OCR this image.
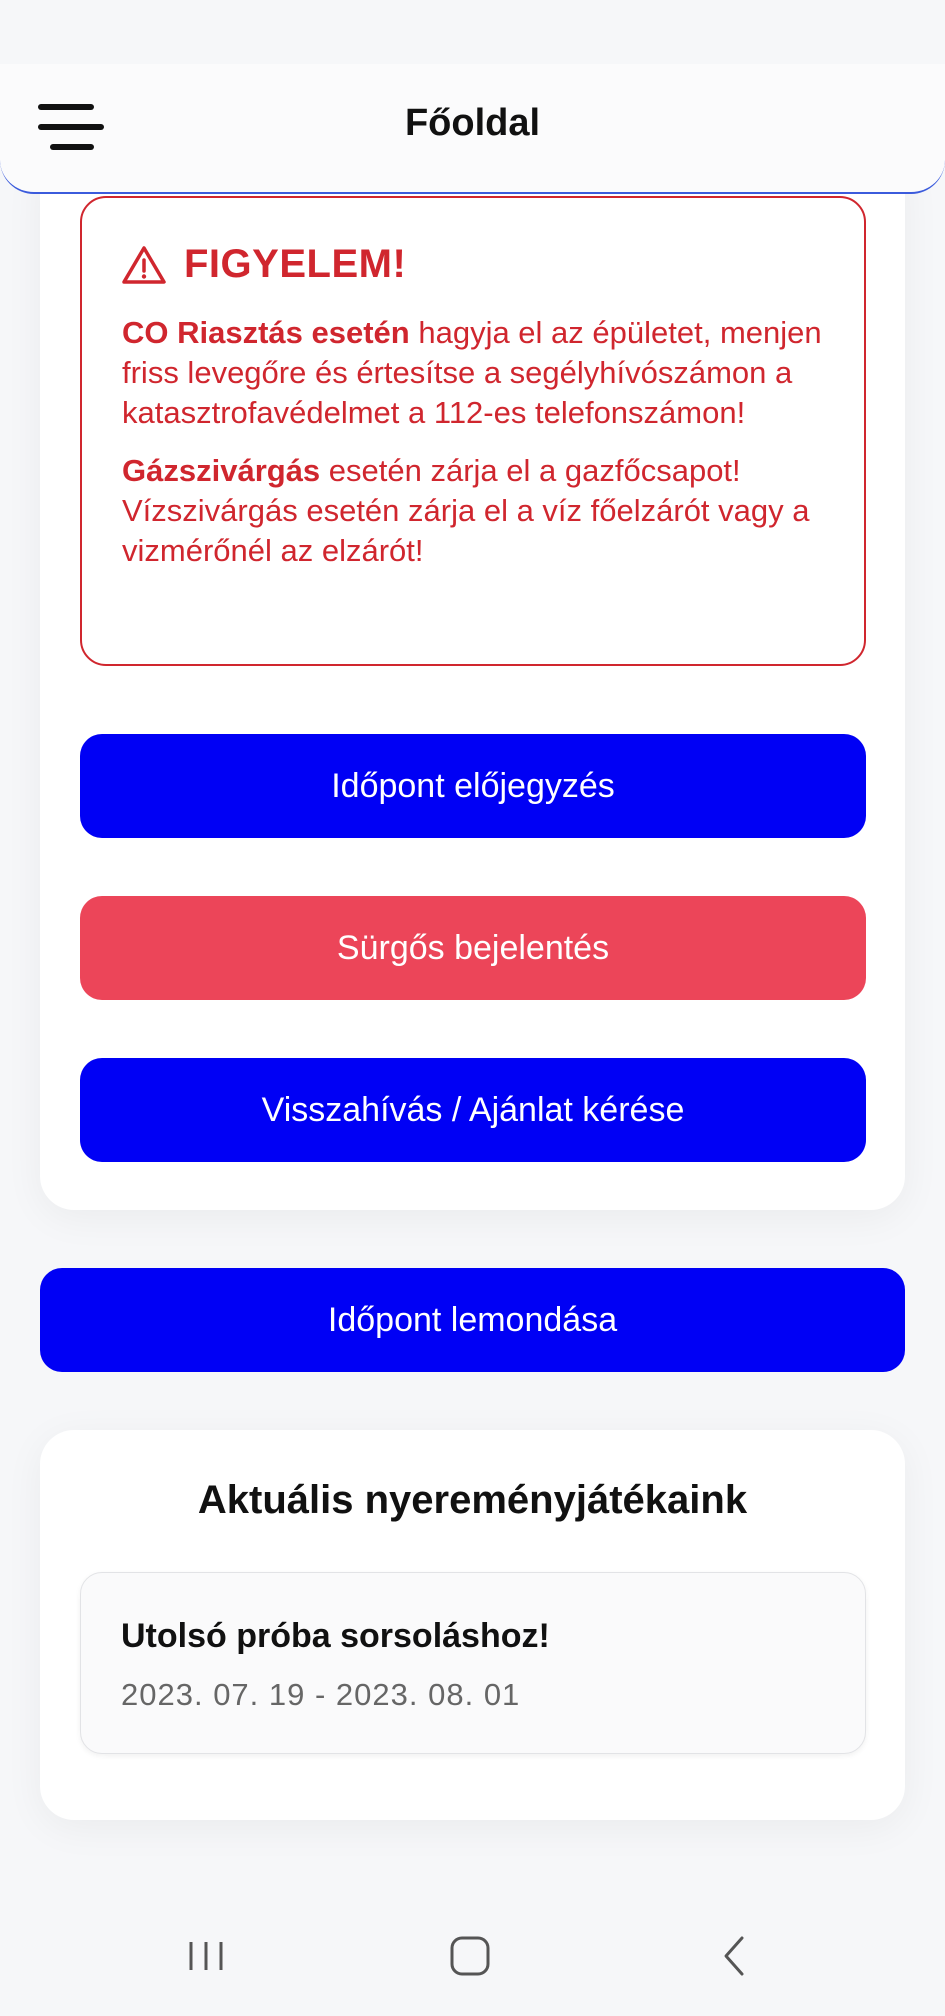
Főoldal
FIGYELEM!

CO Riasztás esetén hagyja el az épületet, menjen friss levegőre és értesítse a segélyhívószámon a katasztrofavédelmet a 112-es telefonszámon!

Gázszivárgás esetén zárja el a gazfőcsapot! Vízszivárgás esetén zárja el a víz főelzárót vagy a vizmérőnél az elzárót!

Időpont előjegyzés
Sürgős bejelentés
Visszahívás / Ajánlat kérése
Időpont lemondása
Aktuális nyereményjátékaink
Utolsó próba sorsoláshoz!
2023. 07. 19 - 2023. 08. 01
